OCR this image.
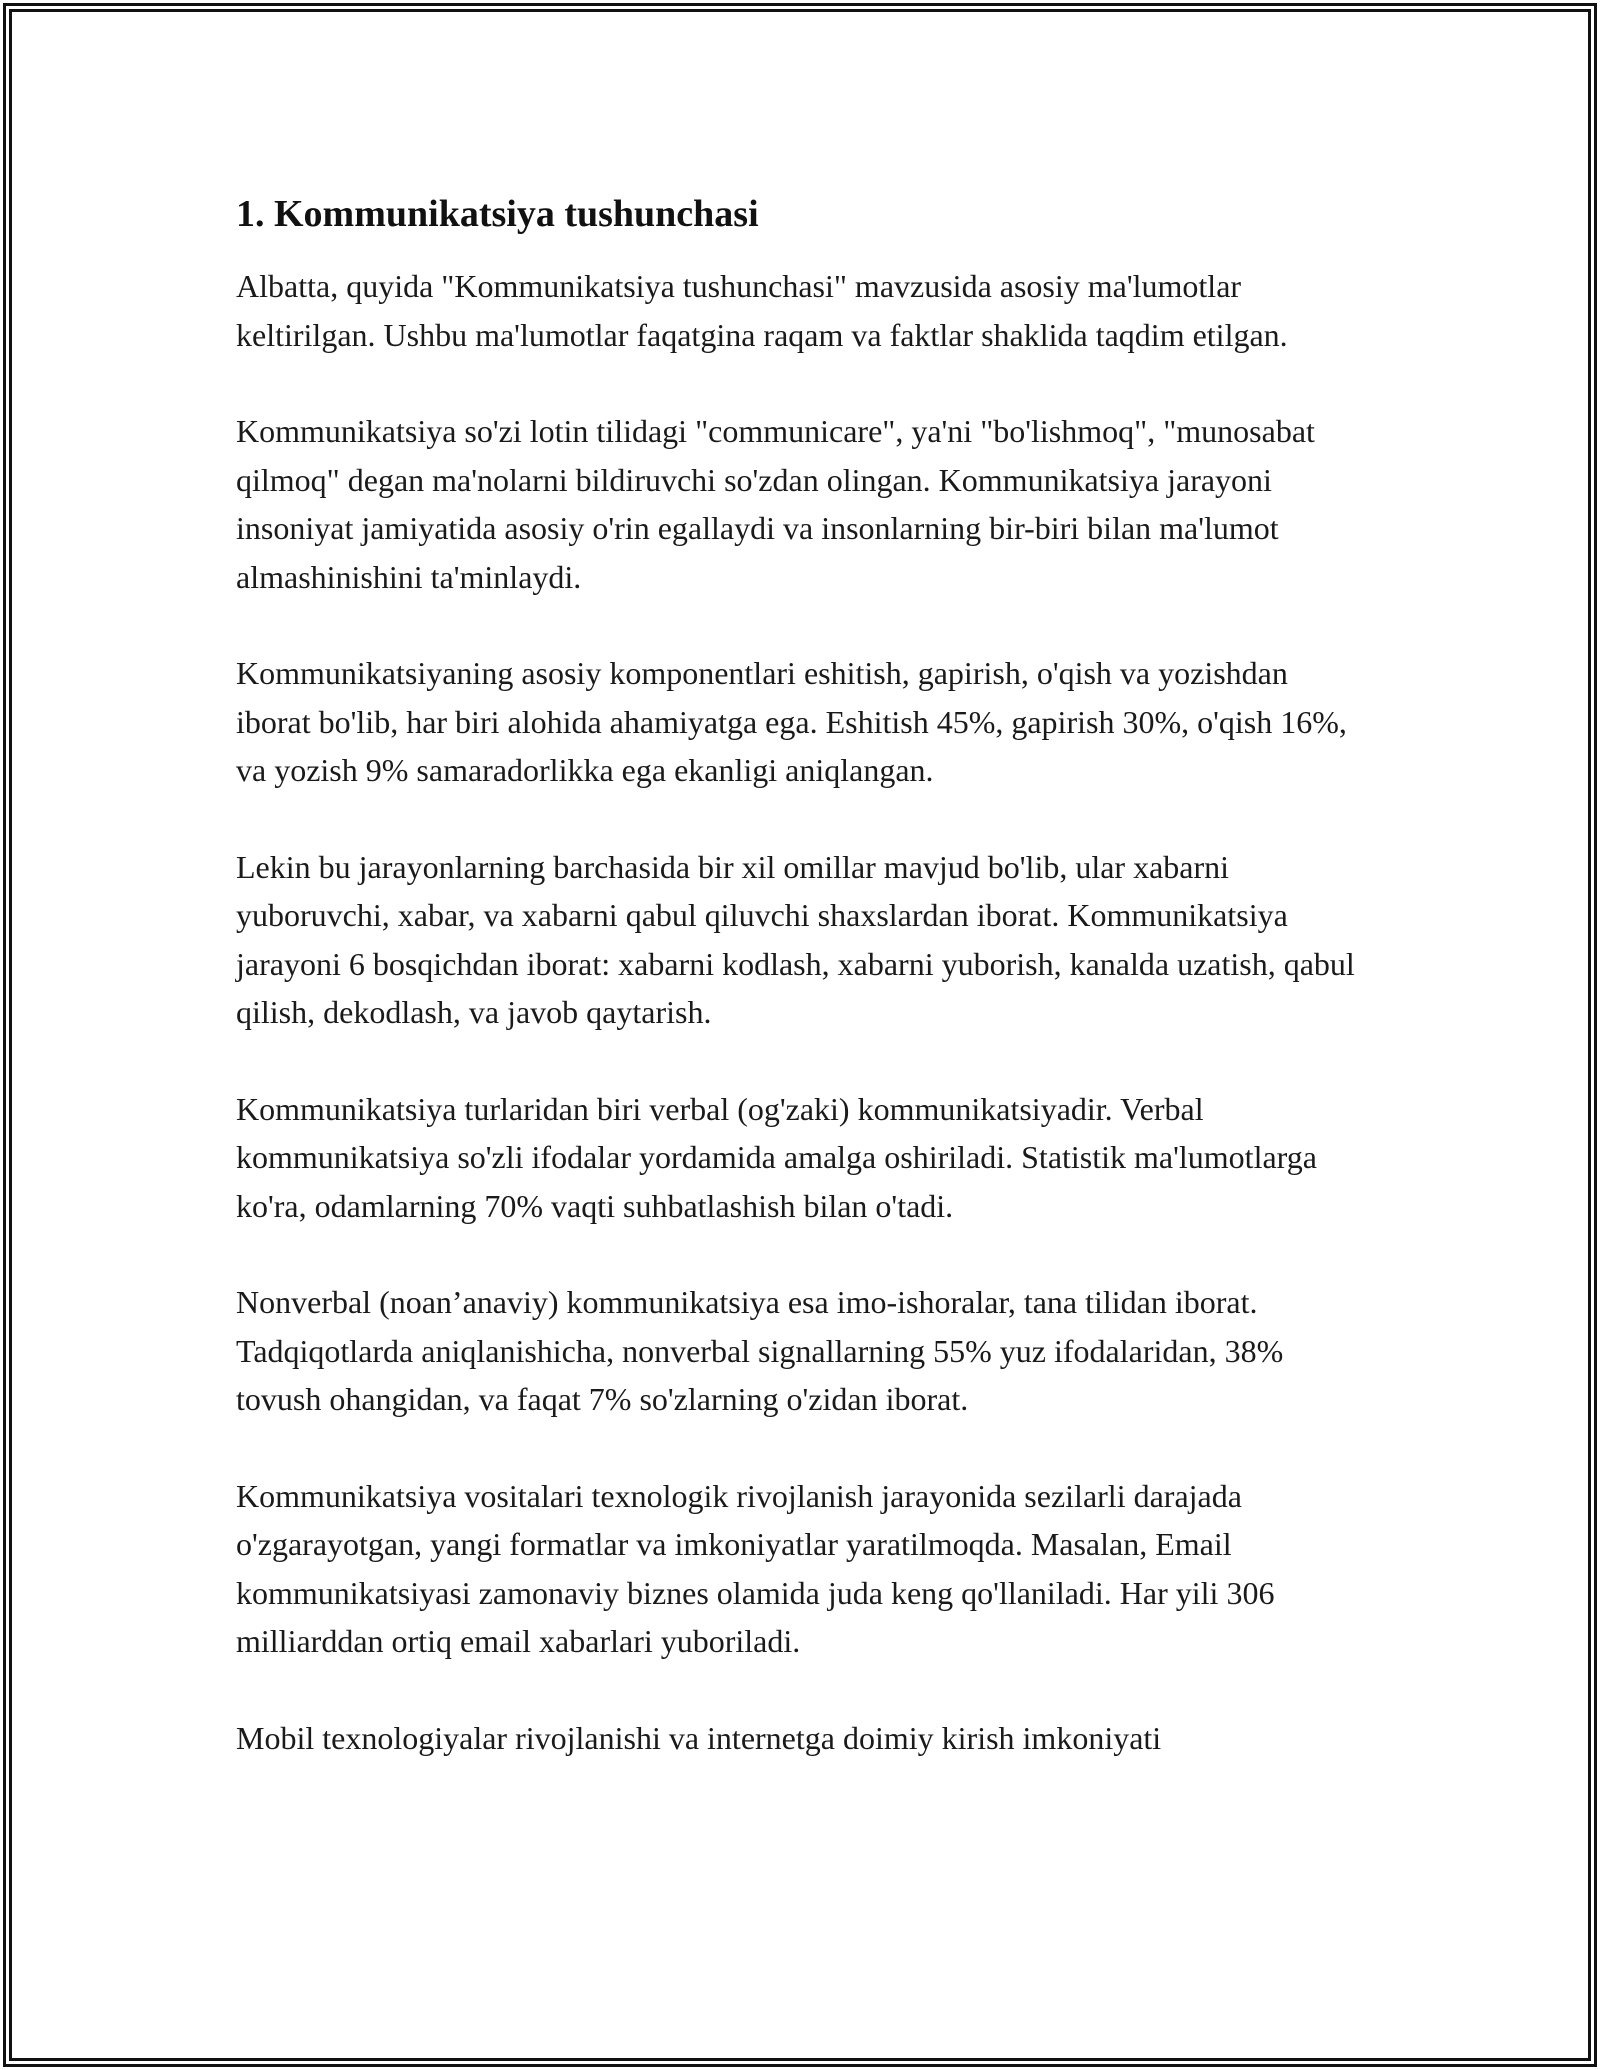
1. Kommunikatsiya tushunchasi

Albatta, quyida "Kommunikatsiya tushunchasi" mavzusida asosiy ma'lumotlar keltirilgan. Ushbu ma'lumotlar faqatgina raqam va faktlar shaklida taqdim etilgan.

Kommunikatsiya so'zi lotin tilidagi "communicare", ya'ni "bo'lishmoq", "munosabat qilmoq" degan ma'nolarni bildiruvchi so'zdan olingan. Kommunikatsiya jarayoni insoniyat jamiyatida asosiy o'rin egallaydi va insonlarning bir-biri bilan ma'lumot almashinishini ta'minlaydi.

Kommunikatsiyaning asosiy komponentlari eshitish, gapirish, o'qish va yozishdan iborat bo'lib, har biri alohida ahamiyatga ega. Eshitish 45%, gapirish 30%, o'qish 16%, va yozish 9% samaradorlikka ega ekanligi aniqlangan.

Lekin bu jarayonlarning barchasida bir xil omillar mavjud bo'lib, ular xabarni yuboruvchi, xabar, va xabarni qabul qiluvchi shaxslardan iborat. Kommunikatsiya jarayoni 6 bosqichdan iborat: xabarni kodlash, xabarni yuborish, kanalda uzatish, qabul qilish, dekodlash, va javob qaytarish.

Kommunikatsiya turlaridan biri verbal (og'zaki) kommunikatsiyadir. Verbal kommunikatsiya so'zli ifodalar yordamida amalga oshiriladi. Statistik ma'lumotlarga ko'ra, odamlarning 70% vaqti suhbatlashish bilan o'tadi.

Nonverbal (noan’anaviy) kommunikatsiya esa imo-ishoralar, tana tilidan iborat. Tadqiqotlarda aniqlanishicha, nonverbal signallarning 55% yuz ifodalaridan, 38% tovush ohangidan, va faqat 7% so'zlarning o'zidan iborat.

Kommunikatsiya vositalari texnologik rivojlanish jarayonida sezilarli darajada o'zgarayotgan, yangi formatlar va imkoniyatlar yaratilmoqda. Masalan, Email kommunikatsiyasi zamonaviy biznes olamida juda keng qo'llaniladi. Har yili 306 milliarddan ortiq email xabarlari yuboriladi.

Mobil texnologiyalar rivojlanishi va internetga doimiy kirish imkoniyati
